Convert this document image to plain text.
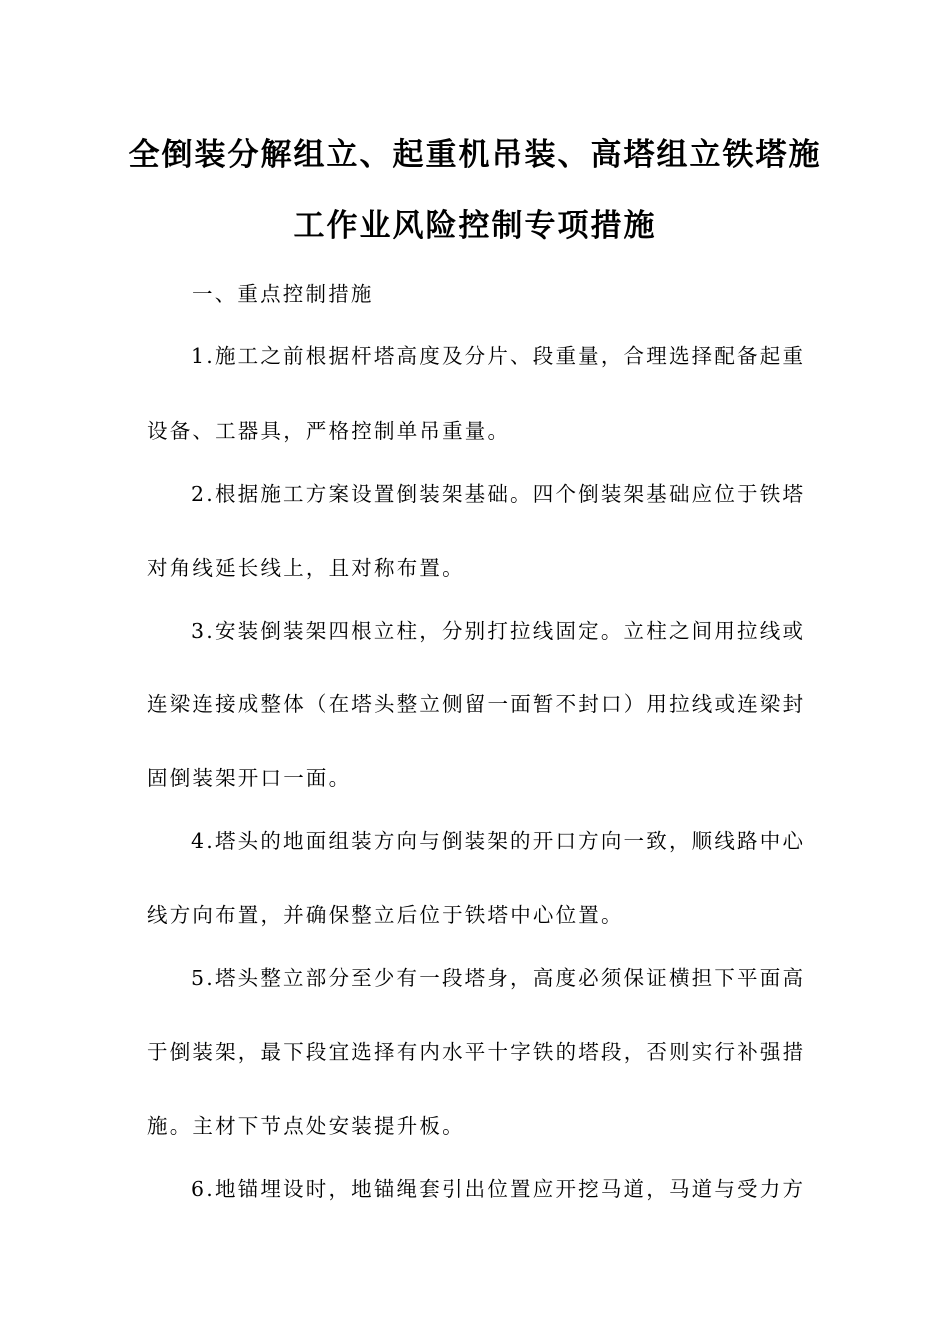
全倒装分解组立、起重机吊装、高塔组立铁塔施
工作业风险控制专项措施
一、重点控制措施
1.施工之前根据杆塔高度及分片、段重量，合理选择配备起重
设备、工器具，严格控制单吊重量。
2.根据施工方案设置倒装架基础。四个倒装架基础应位于铁塔
对角线延长线上，且对称布置。
3.安装倒装架四根立柱，分别打拉线固定。立柱之间用拉线或
连梁连接成整体（在塔头整立侧留一面暂不封口）用拉线或连梁封
固倒装架开口一面。
4.塔头的地面组装方向与倒装架的开口方向一致，顺线路中心
线方向布置，并确保整立后位于铁塔中心位置。
5.塔头整立部分至少有一段塔身，高度必须保证横担下平面高
于倒装架，最下段宜选择有内水平十字铁的塔段，否则实行补强措
施。主材下节点处安装提升板。
6.地锚埋设时，地锚绳套引出位置应开挖马道，马道与受力方
